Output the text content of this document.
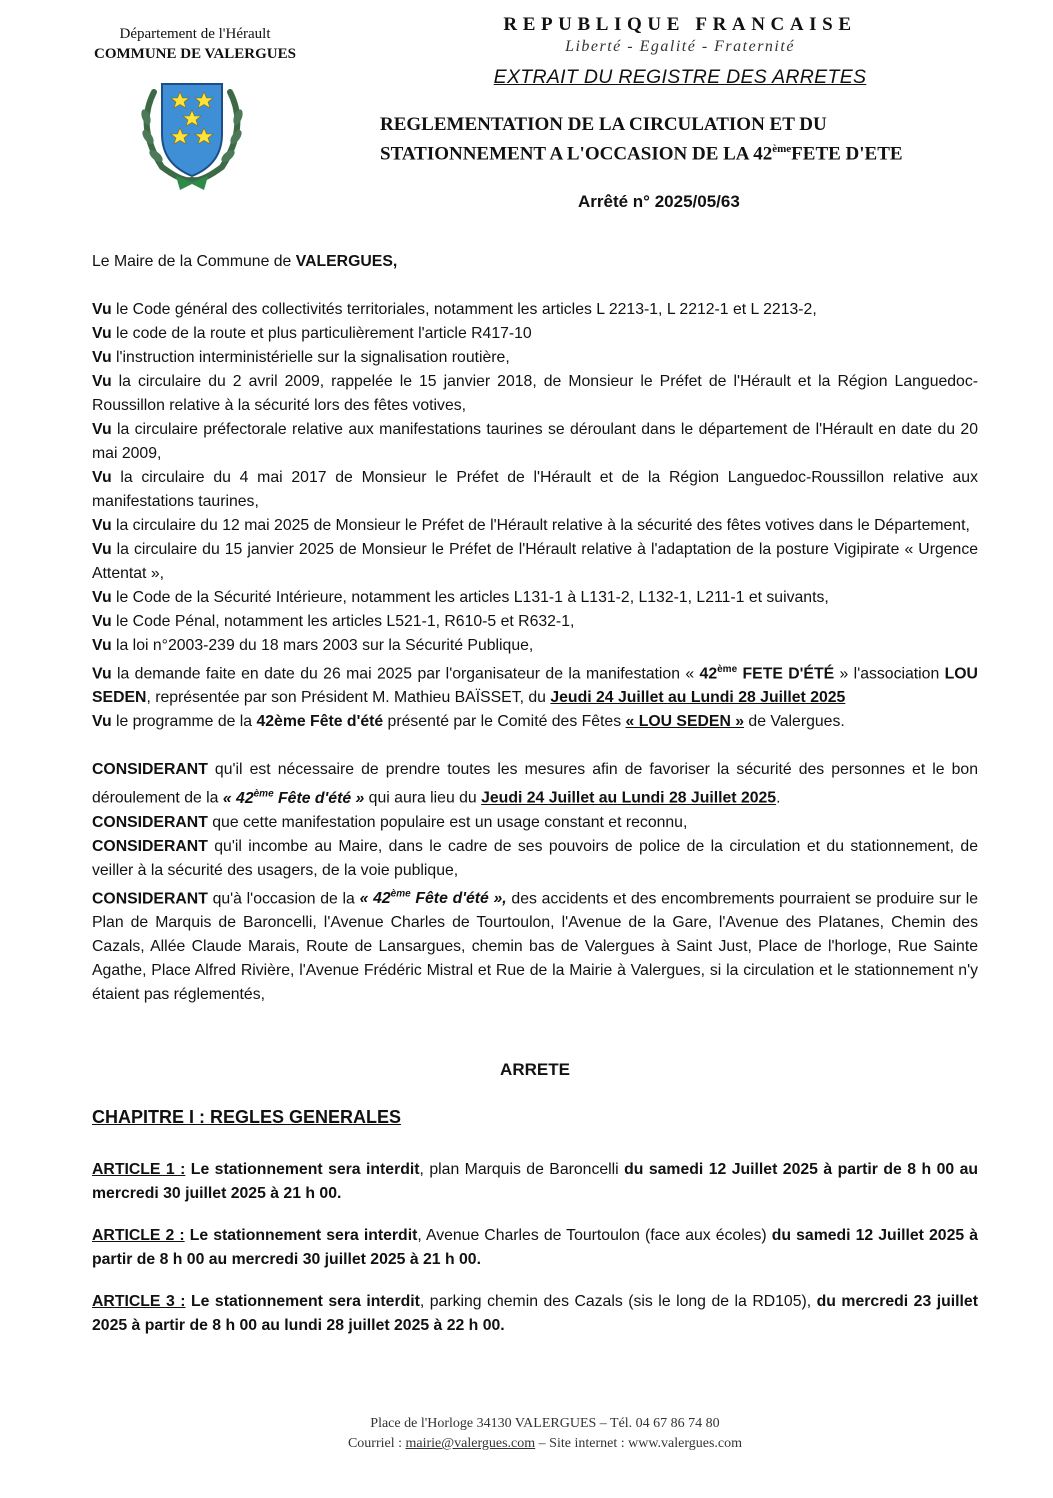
Département de l'Hérault
COMMUNE DE VALERGUES
REPUBLIQUE FRANCAISE
Liberté - Egalité - Fraternité
EXTRAIT DU REGISTRE DES ARRETES
REGLEMENTATION DE LA CIRCULATION ET DU
STATIONNEMENT A L'OCCASION DE LA 42èmeFETE D'ETE
Arrêté n° 2025/05/63

Le Maire de la Commune de VALERGUES,

Vu le Code général des collectivités territoriales, notamment les articles L 2213-1, L 2212-1 et L 2213-2,

Vu le code de la route et plus particulièrement l'article R417-10

Vu l'instruction interministérielle sur la signalisation routière,

Vu la circulaire du 2 avril 2009, rappelée le 15 janvier 2018, de Monsieur le Préfet de l'Hérault et la Région Languedoc-Roussillon relative à la sécurité lors des fêtes votives,

Vu la circulaire préfectorale relative aux manifestations taurines se déroulant dans le département de l'Hérault en date du 20 mai 2009,

Vu la circulaire du 4 mai 2017 de Monsieur le Préfet de l'Hérault et de la Région Languedoc-Roussillon relative aux manifestations taurines,

Vu la circulaire du 12 mai 2025 de Monsieur le Préfet de l'Hérault relative à la sécurité des fêtes votives dans le Département,

Vu la circulaire du 15 janvier 2025 de Monsieur le Préfet de l'Hérault relative à l'adaptation de la posture Vigipirate « Urgence Attentat »,

Vu le Code de la Sécurité Intérieure, notamment les articles L131-1 à L131-2, L132-1, L211-1 et suivants,

Vu le Code Pénal, notamment les articles L521-1, R610-5 et R632-1,

Vu la loi n°2003-239 du 18 mars 2003 sur la Sécurité Publique,

Vu la demande faite en date du 26 mai 2025 par l'organisateur de la manifestation « 42ème FETE D'ÉTÉ » l'association LOU SEDEN, représentée par son Président M. Mathieu BAÏSSET, du Jeudi 24 Juillet au Lundi 28 Juillet 2025

Vu le programme de la 42ème Fête d'été présenté par le Comité des Fêtes « LOU SEDEN » de Valergues.

CONSIDERANT qu'il est nécessaire de prendre toutes les mesures afin de favoriser la sécurité des personnes et le bon déroulement de la « 42ème Fête d'été » qui aura lieu du Jeudi 24 Juillet au Lundi 28 Juillet 2025.

CONSIDERANT que cette manifestation populaire est un usage constant et reconnu,

CONSIDERANT qu'il incombe au Maire, dans le cadre de ses pouvoirs de police de la circulation et du stationnement, de veiller à la sécurité des usagers, de la voie publique,

CONSIDERANT qu'à l'occasion de la « 42ème Fête d'été », des accidents et des encombrements pourraient se produire sur le Plan de Marquis de Baroncelli, l'Avenue Charles de Tourtoulon, l'Avenue de la Gare, l'Avenue des Platanes, Chemin des Cazals, Allée Claude Marais, Route de Lansargues, chemin bas de Valergues à Saint Just, Place de l'horloge, Rue Sainte Agathe, Place Alfred Rivière, l'Avenue Frédéric Mistral et Rue de la Mairie à Valergues, si la circulation et le stationnement n'y étaient pas réglementés,

ARRETE
CHAPITRE I : REGLES GENERALES

ARTICLE 1 : Le stationnement sera interdit, plan Marquis de Baroncelli du samedi 12 Juillet 2025 à partir de 8 h 00 au mercredi 30 juillet 2025 à 21 h 00.

ARTICLE 2 : Le stationnement sera interdit, Avenue Charles de Tourtoulon (face aux écoles) du samedi 12 Juillet 2025 à partir de 8 h 00 au mercredi 30 juillet 2025 à 21 h 00.

ARTICLE 3 : Le stationnement sera interdit, parking chemin des Cazals (sis le long de la RD105), du mercredi 23 juillet 2025 à partir de 8 h 00 au lundi 28 juillet 2025 à 22 h 00.

Place de l'Horloge 34130 VALERGUES – Tél. 04 67 86 74 80
Courriel : mairie@valergues.com – Site internet : www.valergues.com
